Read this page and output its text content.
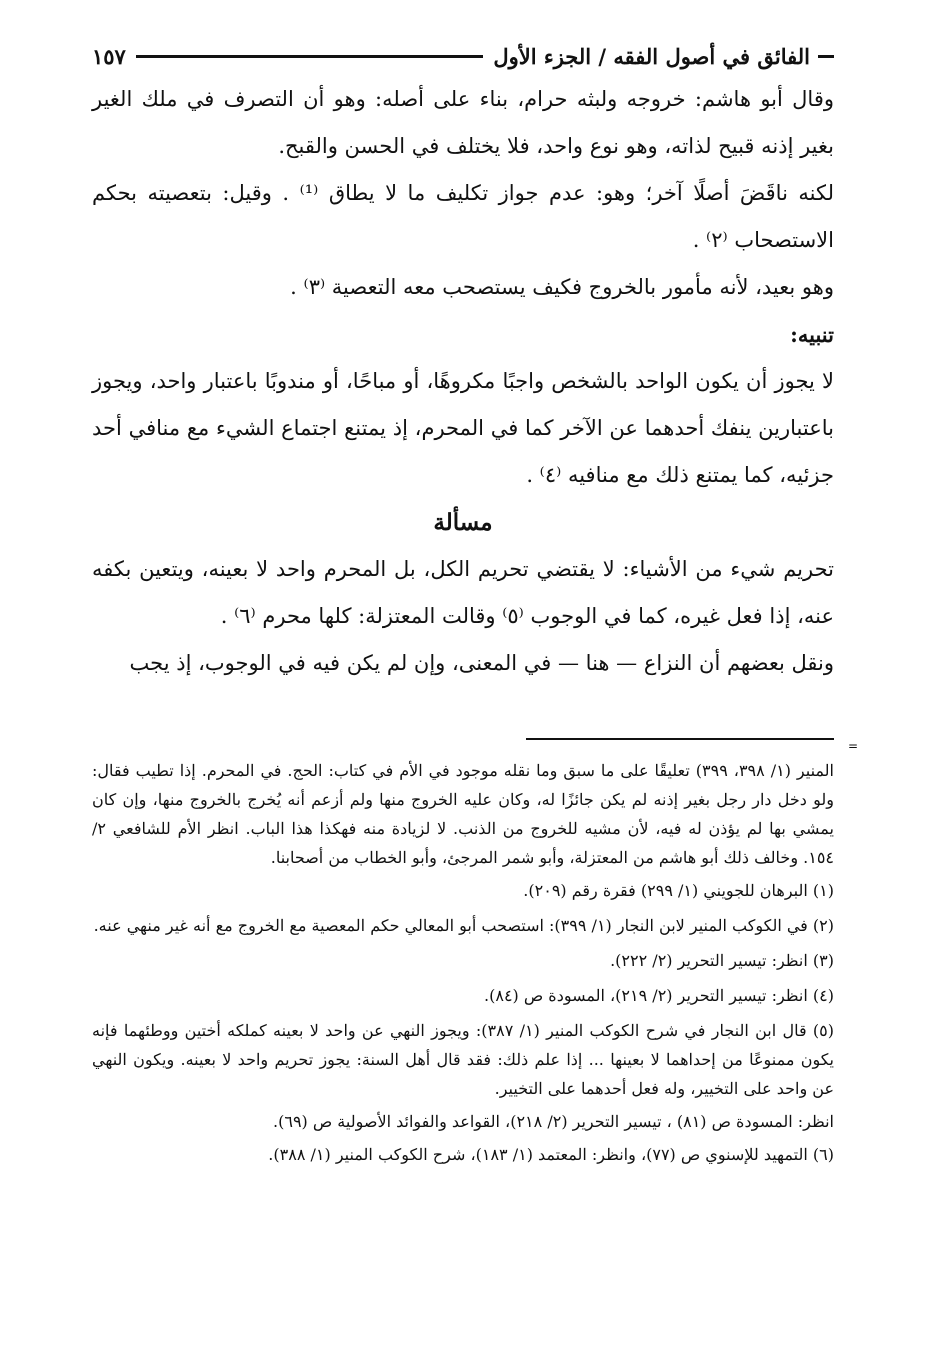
الفائق في أصول الفقه / الجزء الأول
١٥٧

وقال أبو هاشم: خروجه ولبثه حرام، بناء على أصله: وهو أن التصرف في ملك الغير بغير إذنه قبيح لذاته، وهو نوع واحد، فلا يختلف في الحسن والقبح.

لكنه ناقَضَ أصلًا آخر؛ وهو: عدم جواز تكليف ما لا يطاق ⁽¹⁾ . وقيل: بتعصيته بحكم الاستصحاب ⁽٢⁾ .

وهو بعيد، لأنه مأمور بالخروج فكيف يستصحب معه التعصية ⁽٣⁾ .

تنبيه:

لا يجوز أن يكون الواحد بالشخص واجبًا مكروهًا، أو مباحًا، أو مندوبًا باعتبار واحد، ويجوز باعتبارين ينفك أحدهما عن الآخر كما في المحرم، إذ يمتنع اجتماع الشيء مع منافي أحد جزئيه، كما يمتنع ذلك مع منافيه ⁽٤⁾ .

مسألة

تحريم شيء من الأشياء: لا يقتضي تحريم الكل، بل المحرم واحد لا بعينه، ويتعين بكفه عنه، إذا فعل غيره، كما في الوجوب ⁽٥⁾ وقالت المعتزلة: كلها محرم ⁽٦⁾ .

ونقل بعضهم أن النزاع — هنا — في المعنى، وإن لم يكن فيه في الوجوب، إذ يجب

=

المنير (١/ ٣٩٨، ٣٩٩) تعليقًا على ما سبق وما نقله موجود في الأم في كتاب: الحج. في المحرم. إذا تطيب فقال: ولو دخل دار رجل بغير إذنه لم يكن جائزًا له، وكان عليه الخروج منها ولم أزعم أنه يُخرج بالخروج منها، وإن كان يمشي بها لم يؤذن له فيه، لأن مشيه للخروج من الذنب. لا لزيادة منه فهكذا هذا الباب. انظر الأم للشافعي ٢/ ١٥٤. وخالف ذلك أبو هاشم من المعتزلة، وأبو شمر المرجئ، وأبو الخطاب من أصحابنا.

(١) البرهان للجويني (١/ ٢٩٩) فقرة رقم (٢٠٩).

(٢) في الكوكب المنير لابن النجار (١/ ٣٩٩): استصحب أبو المعالي حكم المعصية مع الخروج مع أنه غير منهي عنه.

(٣) انظر: تيسير التحرير (٢/ ٢٢٢).

(٤) انظر: تيسير التحرير (٢/ ٢١٩)، المسودة ص (٨٤).

(٥) قال ابن النجار في شرح الكوكب المنير (١/ ٣٨٧): ويجوز النهي عن واحد لا بعينه كملكه أختين ووطئهما فإنه يكون ممنوعًا من إحداهما لا بعينها ... إذا علم ذلك: فقد قال أهل السنة: يجوز تحريم واحد لا بعينه. ويكون النهي عن واحد على التخيير، وله فعل أحدهما على التخيير.

انظر: المسودة ص (٨١) ، تيسير التحرير (٢/ ٢١٨)، القواعد والفوائد الأصولية ص (٦٩).

(٦) التمهيد للإسنوي ص (٧٧)، وانظر: المعتمد (١/ ١٨٣)، شرح الكوكب المنير (١/ ٣٨٨).
